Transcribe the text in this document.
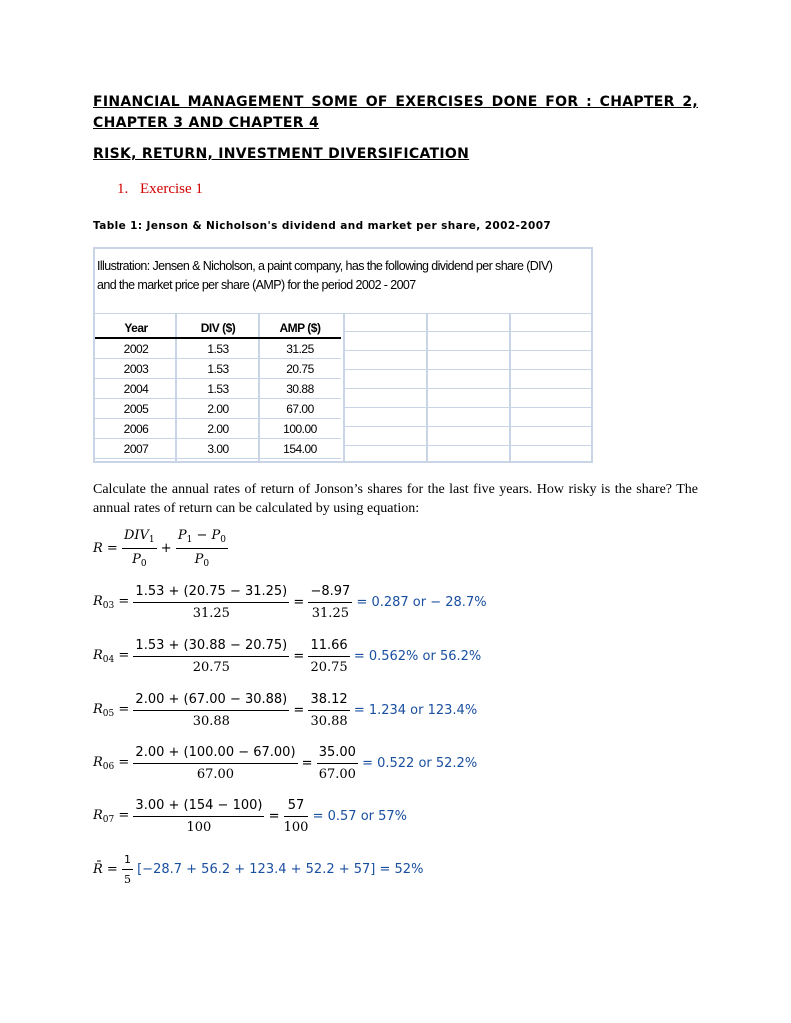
FINANCIAL MANAGEMENT SOME OF EXERCISES DONE FOR : CHAPTER 2, CHAPTER 3 AND CHAPTER 4

RISK, RETURN, INVESTMENT DIVERSIFICATION

1. Exercise 1
Table 1: Jenson & Nicholson's dividend and market per share, 2002-2007
Illustration: Jensen & Nicholson, a paint company, has the following dividend per share (DIV) and the market price per share (AMP) for the period 2002 - 2007
Year	DIV ($)	AMP ($)
2002	1.53	31.25
2003	1.53	20.75
2004	1.53	30.88
2005	2.00	67.00
2006	2.00	100.00
2007	3.00	154.00

Calculate the annual rates of return of Jonson’s shares for the last five years. How risky is the share? The annual rates of return can be calculated by using equation:

$R = \frac{DIV_1}{P_0} + \frac{P_1 - P_0}{P_0}$
$R_{03} = \frac{1.53 + (20.75 - 31.25)}{31.25} = \frac{-8.97}{31.25} = 0.287$ or − 28.7%
$R_{04} = \frac{1.53 + (30.88 - 20.75)}{20.75} = \frac{11.66}{20.75} = 0.562\%$ or 56.2%
$R_{05} = \frac{2.00 + (67.00 - 30.88)}{30.88} = \frac{38.12}{30.88} = 1.234$ or 123.4%
$R_{06} = \frac{2.00 + (100.00 - 67.00)}{67.00} = \frac{35.00}{67.00} = 0.522$ or 52.2%
$R_{07} = \frac{3.00 + (154 - 100)}{100} = \frac{57}{100} = 0.57$ or 57%
R̄ = $\frac{1}{5} [-28.7 + 56.2 + 123.4 + 52.2 + 57] = 52\%$
